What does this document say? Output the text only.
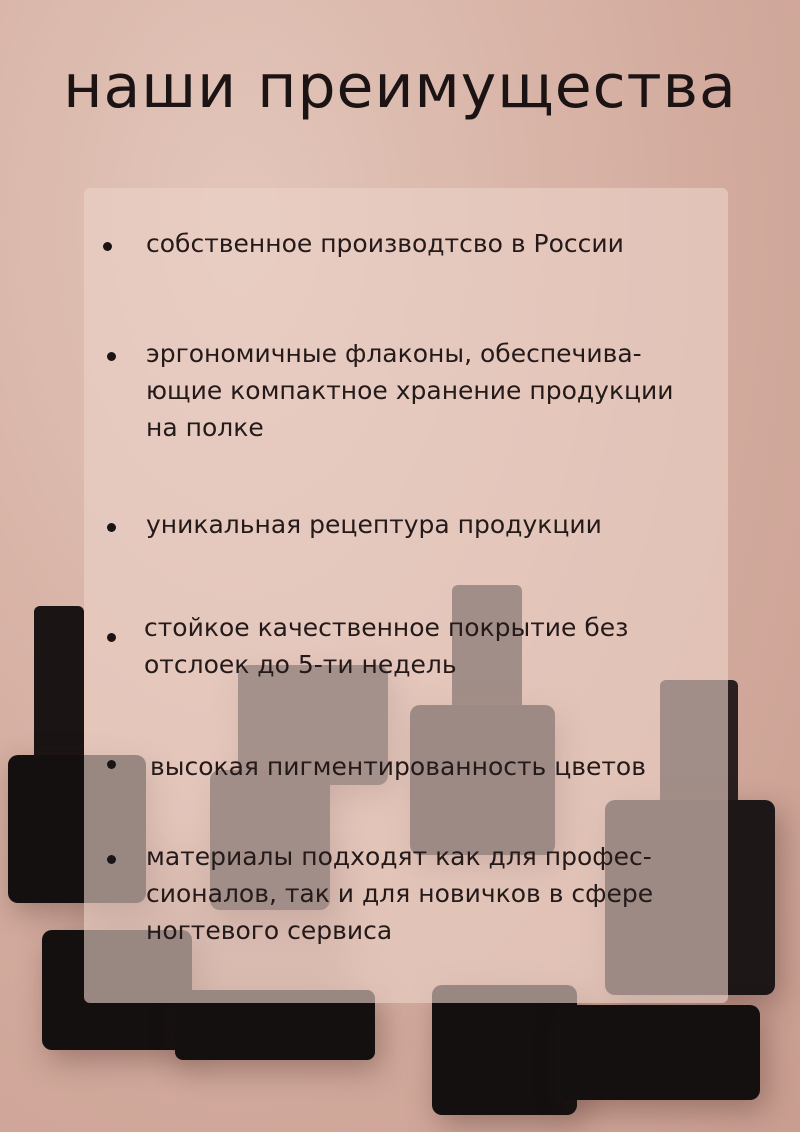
наши преимущества
собственное производтсво в России
эргономичные флаконы, обеспечива-
ющие компактное хранение продукции
на полке
уникальная рецептура продукции
стойкое качественное покрытие без
отслоек до 5-ти недель
высокая пигментированность цветов
материалы подходят как для профес-
сионалов, так и для новичков в сфере
ногтевого сервиса
